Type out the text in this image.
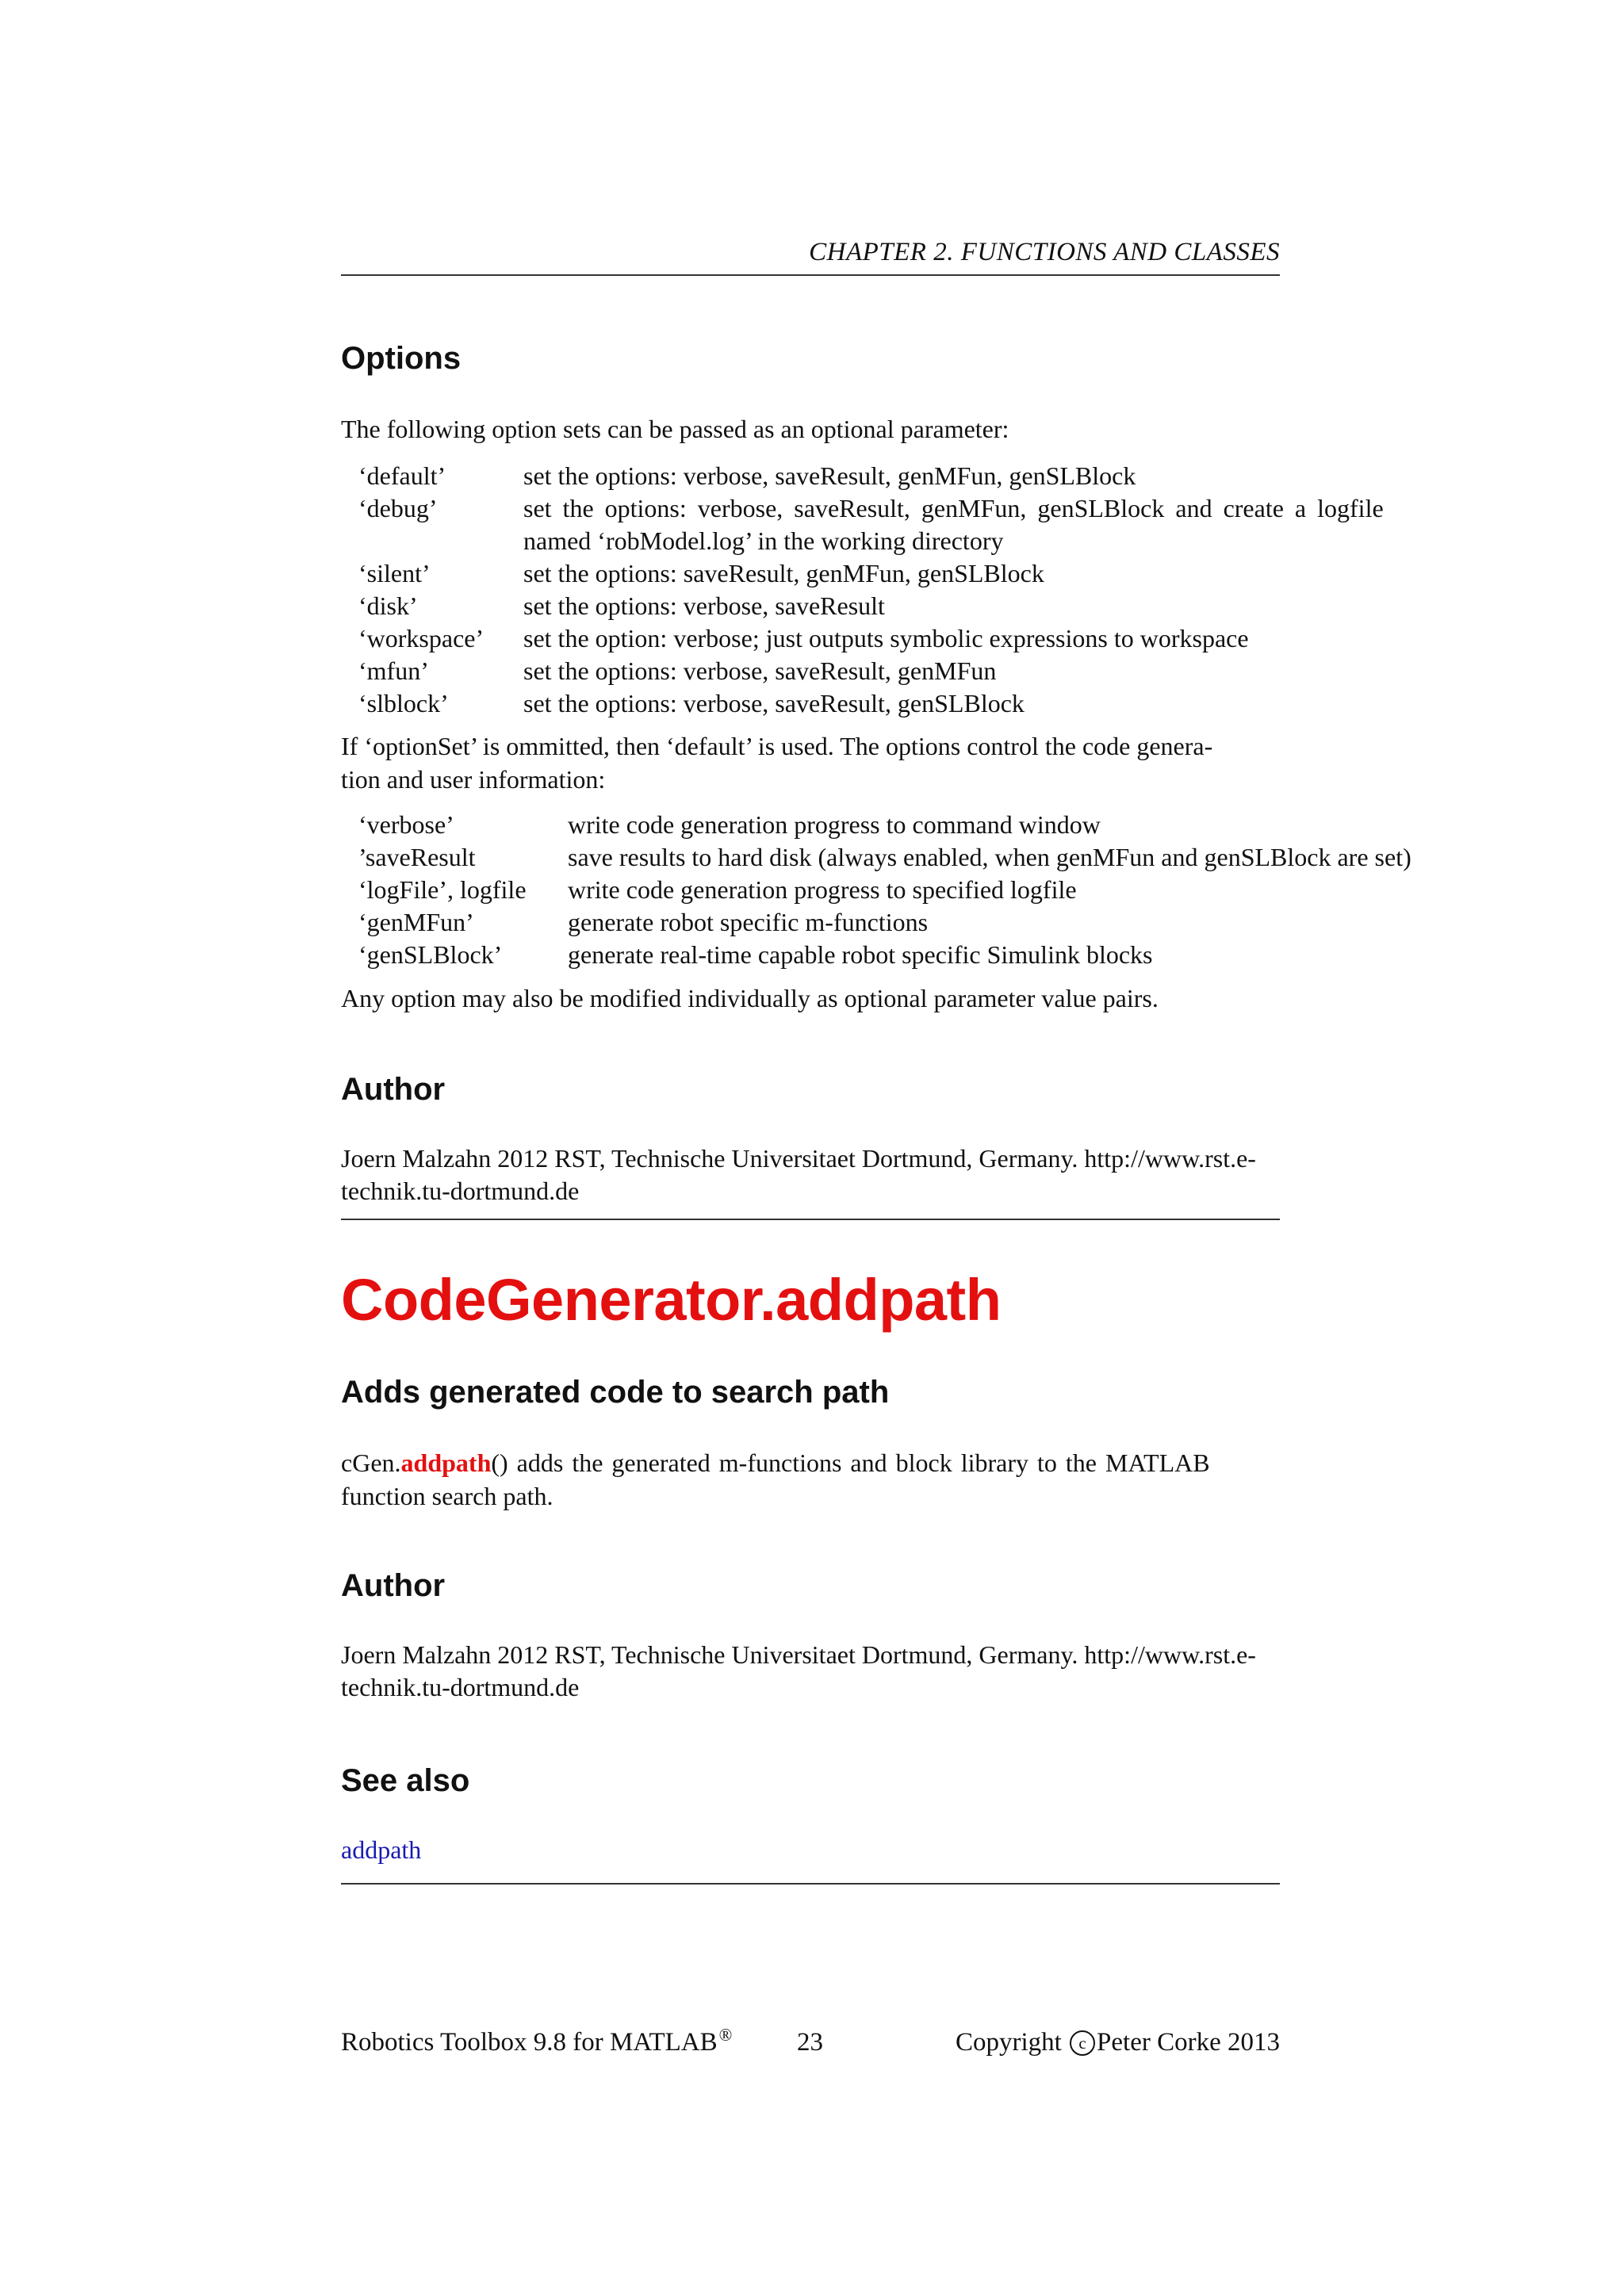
CHAPTER 2. FUNCTIONS AND CLASSES
Options
The following option sets can be passed as an optional parameter:
‘default’	set the options: verbose, saveResult, genMFun, genSLBlock
‘debug’	set the options: verbose, saveResult, genMFun, genSLBlock and create a logfile
named ‘robModel.log’ in the working directory
‘silent’	set the options: saveResult, genMFun, genSLBlock
‘disk’	set the options: verbose, saveResult
‘workspace’ set the option: verbose; just outputs symbolic expressions to workspace
‘mfun’	set the options: verbose, saveResult, genMFun
‘slblock’	set the options: verbose, saveResult, genSLBlock
If ‘optionSet’ is ommitted, then ‘default’ is used. The options control the code genera-
tion and user information:
‘verbose’	write code generation progress to command window
’saveResult	save results to hard disk (always enabled, when genMFun and genSLBlock are set)
‘logFile’, logfile write code generation progress to specified logfile
‘genMFun’	generate robot specific m-functions
‘genSLBlock’	generate real-time capable robot specific Simulink blocks
Any option may also be modified individually as optional parameter value pairs.
Author
Joern Malzahn 2012 RST, Technische Universitaet Dortmund, Germany. http://www.rst.e-
technik.tu-dortmund.de
CodeGenerator.addpath
Adds generated code to search path
cGen.addpath() adds the generated m-functions and block library to the MATLAB
function search path.
Author
Joern Malzahn 2012 RST, Technische Universitaet Dortmund, Germany. http://www.rst.e-
technik.tu-dortmund.de
See also
addpath
Robotics Toolbox 9.8 for MATLAB® 23	Copyright c Peter Corke 2013
